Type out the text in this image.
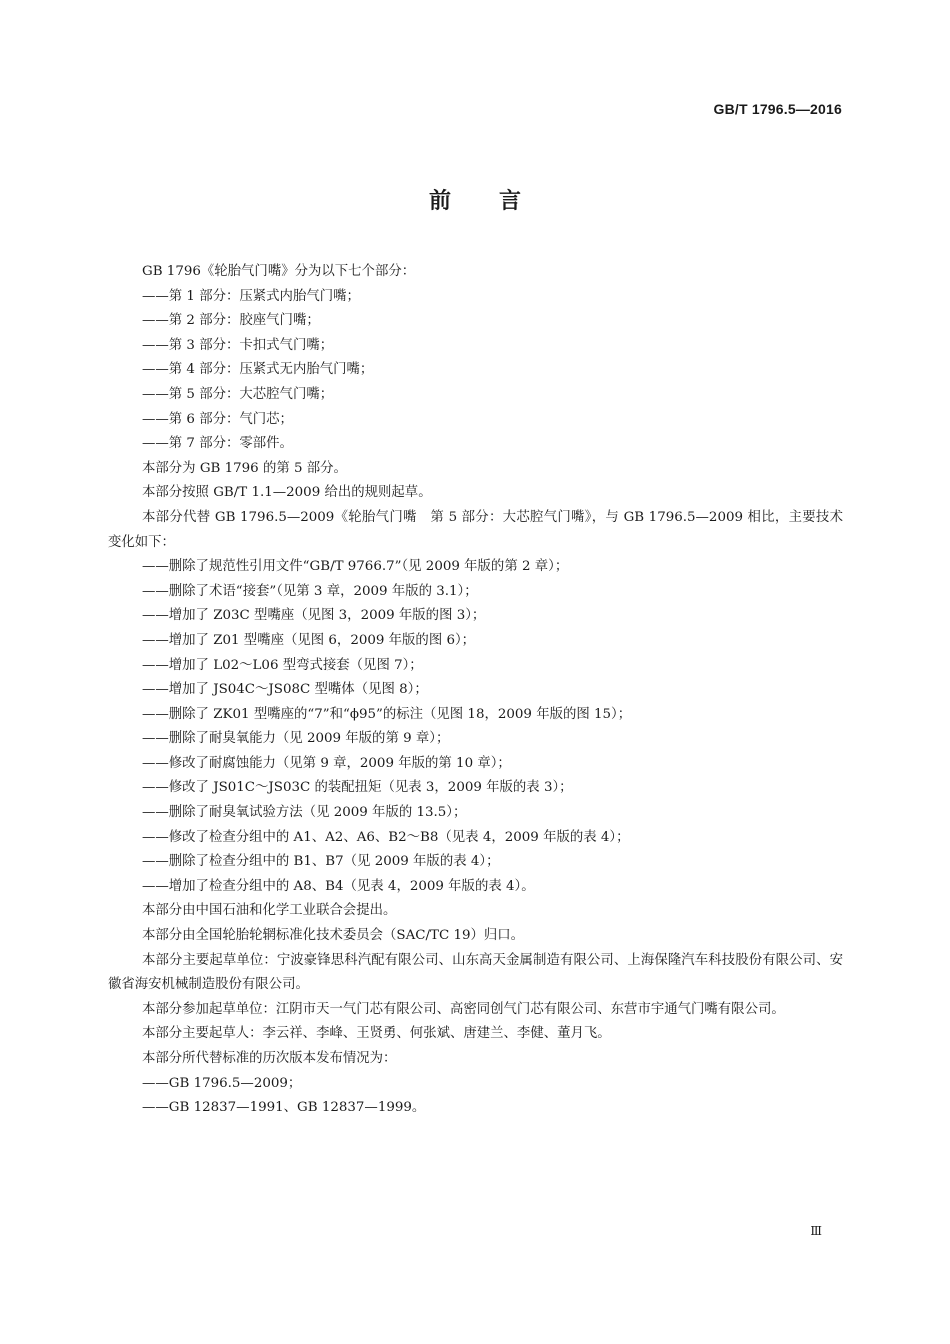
GB/T 1796.5—2016
前 言
GB 1796《轮胎气门嘴》分为以下七个部分：
——第 1 部分：压紧式内胎气门嘴；
——第 2 部分：胶座气门嘴；
——第 3 部分：卡扣式气门嘴；
——第 4 部分：压紧式无内胎气门嘴；
——第 5 部分：大芯腔气门嘴；
——第 6 部分：气门芯；
——第 7 部分：零部件。
本部分为 GB 1796 的第 5 部分。
本部分按照 GB/T 1.1—2009 给出的规则起草。

本部分代替 GB 1796.5—2009《轮胎气门嘴　第 5 部分：大芯腔气门嘴》，与 GB 1796.5—2009 相比，主要技术变化如下：

——删除了规范性引用文件“GB/T 9766.7”（见 2009 年版的第 2 章）；
——删除了术语“接套”（见第 3 章，2009 年版的 3.1）；
——增加了 Z03C 型嘴座（见图 3，2009 年版的图 3）；
——增加了 Z01 型嘴座（见图 6，2009 年版的图 6）；
——增加了 L02～L06 型弯式接套（见图 7）；
——增加了 JS04C～JS08C 型嘴体（见图 8）；
——删除了 ZK01 型嘴座的“7”和“ϕ95”的标注（见图 18，2009 年版的图 15）；
——删除了耐臭氧能力（见 2009 年版的第 9 章）；
——修改了耐腐蚀能力（见第 9 章，2009 年版的第 10 章）；
——修改了 JS01C～JS03C 的装配扭矩（见表 3，2009 年版的表 3）；
——删除了耐臭氧试验方法（见 2009 年版的 13.5）；
——修改了检查分组中的 A1、A2、A6、B2～B8（见表 4，2009 年版的表 4）；
——删除了检查分组中的 B1、B7（见 2009 年版的表 4）；
——增加了检查分组中的 A8、B4（见表 4，2009 年版的表 4）。
本部分由中国石油和化学工业联合会提出。
本部分由全国轮胎轮辋标准化技术委员会（SAC/TC 19）归口。

本部分主要起草单位：宁波豪锋思科汽配有限公司、山东高天金属制造有限公司、上海保隆汽车科技股份有限公司、安徽省海安机械制造股份有限公司。

本部分参加起草单位：江阴市天一气门芯有限公司、高密同创气门芯有限公司、东营市宇通气门嘴有限公司。

本部分主要起草人：李云祥、李峰、王贤勇、何张斌、唐建兰、李健、董月飞。
本部分所代替标准的历次版本发布情况为：
——GB 1796.5—2009；
——GB 12837—1991、GB 12837—1999。
Ⅲ
